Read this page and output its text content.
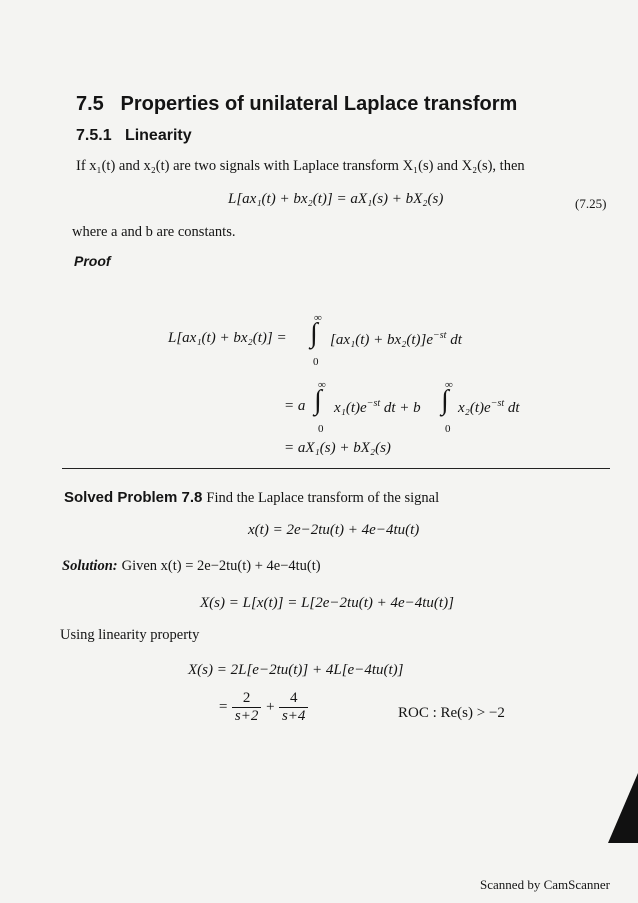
7.5 Properties of unilateral Laplace transform
7.5.1 Linearity
If x₁(t) and x₂(t) are two signals with Laplace transform X₁(s) and X₂(s), then
L[ax₁(t) + bx₂(t)] = aX₁(s) + bX₂(s)	(7.25)
where a and b are constants.
Proof
L[ax₁(t) + bx₂(t)] =
∞
∫
0
$[ax_1(t) + bx_2(t)]e^{-st}$ dt
= a
∞
∫
0
$x_1(t)e^{-st}$ dt + b
∞
∫
0
$x_2(t)e^{-st}$ dt
= aX₁(s) + bX₂(s)
Solved Problem 7.8 Find the Laplace transform of the signal
x(t) = 2e−2tu(t) + 4e−4tu(t)
Solution: Given x(t) = 2e−2tu(t) + 4e−4tu(t)
X(s) = L[x(t)] = L[2e−2tu(t) + 4e−4tu(t)]
Using linearity property
X(s) = 2L[e−2tu(t)] + 4L[e−4tu(t)]
= $\frac{2}{s+2} + \frac{4}{s+4}$	ROC : Re(s) > −2
Scanned by CamScanner
